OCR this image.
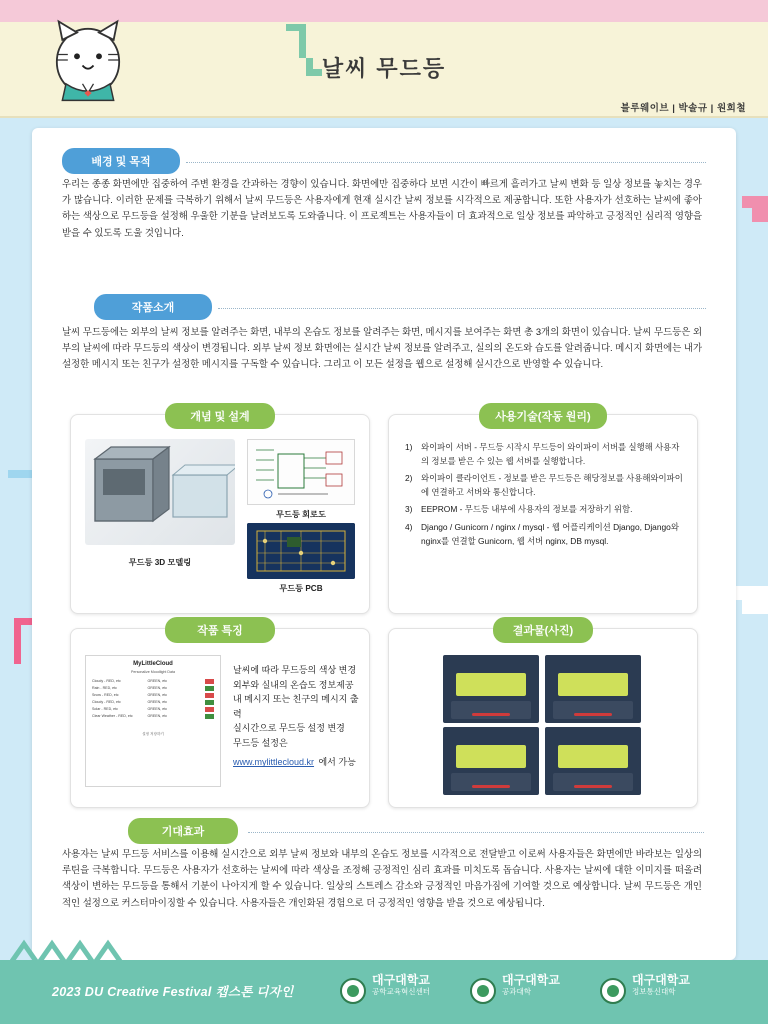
날씨 무드등
블루웨이브 | 박솔규 | 원희철
배경 및 목적
우리는 종종 화면에만 집중하여 주변 환경을 간과하는 경향이 있습니다. 화면에만 집중하다 보면 시간이 빠르게 흘러가고 날씨 변화 등 일상 정보를 놓치는 경우가 많습니다. 이러한 문제를 극복하기 위해서 날씨 무드등은 사용자에게 현재 실시간 날씨 정보를 시각적으로 제공합니다. 또한 사용자가 선호하는 날씨에 좋아하는 색상으로 무드등을 설정해 우울한 기분을 날려보도록 도와줍니다. 이 프로젝트는 사용자들이 더 효과적으로 일상 정보를 파악하고 긍정적인 심리적 영향을 받을 수 있도록 도울 것입니다.
작품소개
날씨 무드등에는 외부의 날씨 정보를 알려주는 화면, 내부의 온습도 정보를 알려주는 화면, 메시지를 보여주는 화면 총 3개의 화면이 있습니다. 날씨 무드등은 외부의 날씨에 따라 무드등의 색상이 변경됩니다. 외부 날씨 정보 화면에는 실시간 날씨 정보를 알려주고, 실의의 온도와 습도를 알려줍니다. 메시지 화면에는 내가 설정한 메시지 또는 친구가 설정한 메시지를 구독할 수 있습니다. 그리고 이 모든 설정을 웹으로 설정해 실시간으로 반영할 수 있습니다.
개념 및 설계
무드등 회로도
무드등 PCB
무드등 3D 모델링
사용기술(작동 원리)
1)	와이파이 서버 - 무드등 시작시 무드등이 와이파이 서버를 실행해 사용자의 정보를 받은 수 있는 웹 서버를 실행합니다.
2)	와이파이 클라이언트 - 정보를 받은 무드등은 해당정보를 사용해와이파이에 연결하고 서버와 통신합니다.
3)	EEPROM - 무드등 내부에 사용자의 정보를 저장하기 위함.
4)	Django / Gunicorn / nginx / mysql - 웹 어플리케이션 Django, Django와 nginx를 연결할 Gunicorn, 웹 서버 nginx, DB mysql.
작품 특징
MyLittleCloud
Personalize Moodlight Data
Cloudy - RED, etc	GREEN, etc
Rain - RED, etc	GREEN, etc
Snow - RED, etc	GREEN, etc
Cloudy - RED, etc	GREEN, etc
Solar - RED, etc	GREEN, etc
Clear Weather - RED, etc	GREEN, etc
설정 저장하기
날씨에 따라 무드등의 색상 변경
외부와 실내의 온습도 정보제공
내 메시지 또는 친구의 메시지 출력
실시간으로 무드등 설정 변경
무드등 설정은
www.mylittlecloud.kr 에서 가능
결과물(사진)
기대효과
사용자는 날씨 무드등 서비스를 이용해 실시간으로 외부 날씨 정보와 내부의 온습도 정보를 시각적으로 전달받고 이로써 사용자들은 화면에만 바라보는 일상의 루틴을 극복합니다. 무드등은 사용자가 선호하는 날씨에 따라 색상을 조정해 긍정적인 심리 효과를 미치도록 돕습니다. 사용자는 날씨에 대한 이미지를 떠올려 색상이 변하는 무드등을 통해서 기분이 나아지게 할 수 있습니다. 일상의 스트레스 감소와 긍정적인 마음가짐에 기여할 것으로 예상합니다. 날씨 무드등은 개인적인 설정으로 커스터마이징할 수 있습니다. 사용자들은 개인화된 경험으로 더 긍정적인 영향을 받을 것으로 예상됩니다.
2023 DU Creative Festival 캡스톤 디자인
대구대학교
공학교육혁신센터
대구대학교
공과대학
대구대학교
정보통신대학
